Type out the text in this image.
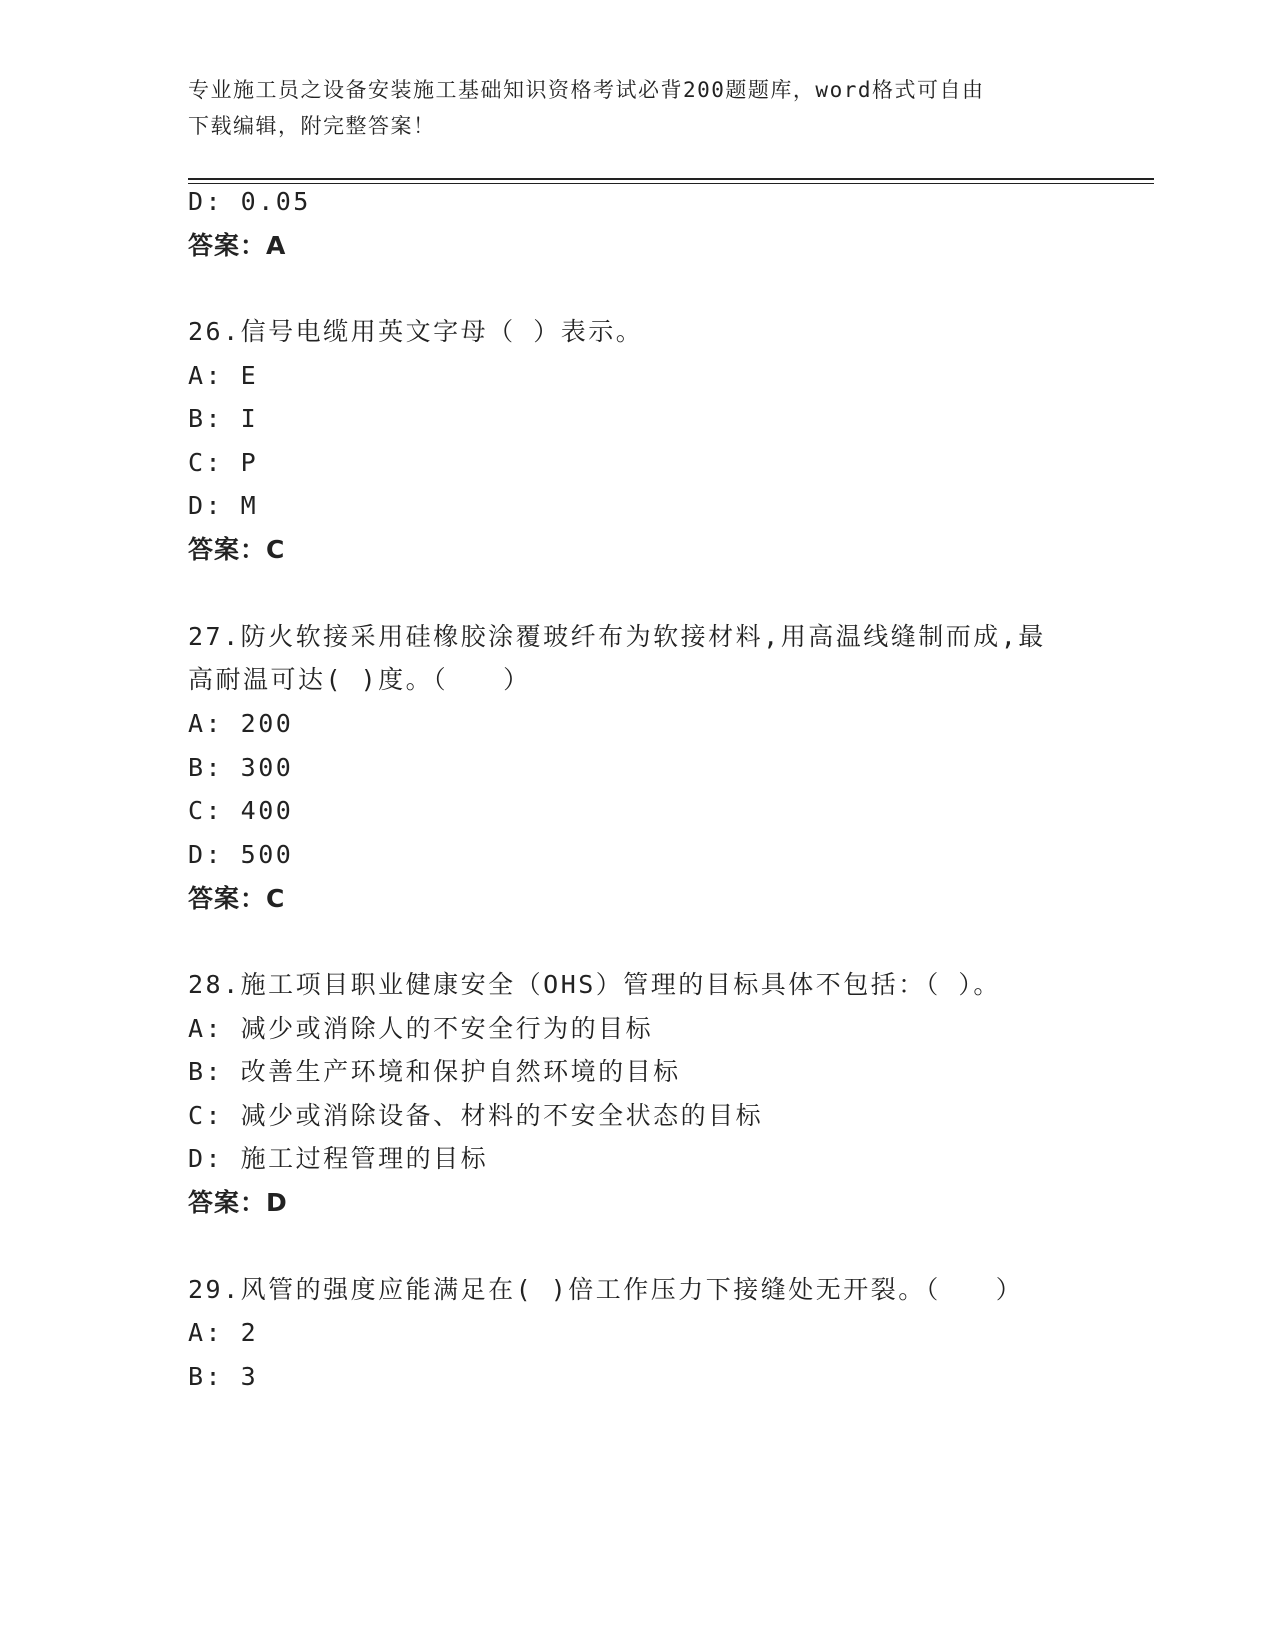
专业施工员之设备安装施工基础知识资格考试必背200题题库，word格式可自由
下载编辑，附完整答案！
D: 0.05
答案：A
26.信号电缆用英文字母（ ）表示。
A: E
B: I
C: P
D: M
答案：C
27.防火软接采用硅橡胶涂覆玻纤布为软接材料,用高温线缝制而成,最
高耐温可达( )度。（　　）
A: 200
B: 300
C: 400
D: 500
答案：C
28.施工项目职业健康安全（OHS）管理的目标具体不包括：（ ）。
A: 减少或消除人的不安全行为的目标
B: 改善生产环境和保护自然环境的目标
C: 减少或消除设备、材料的不安全状态的目标
D: 施工过程管理的目标
答案：D
29.风管的强度应能满足在( )倍工作压力下接缝处无开裂。（　　）
A: 2
B: 3
